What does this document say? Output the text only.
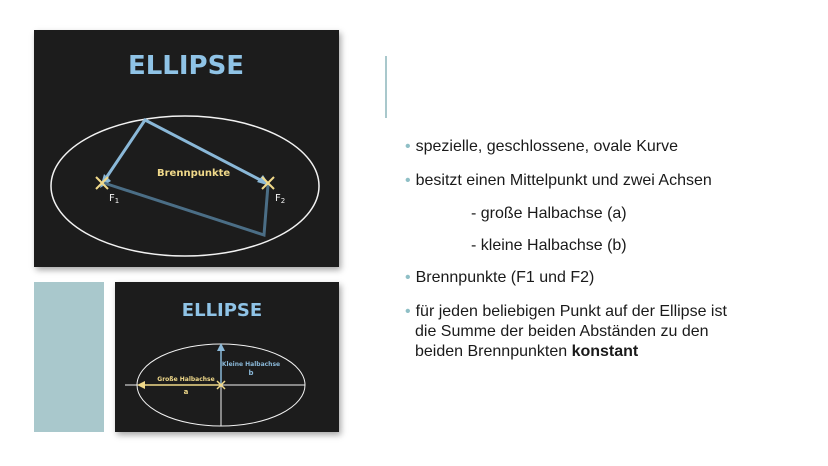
ELLIPSE
Brennpunkte
$F_1$	$F_2$
ELLIPSE
Große Halbachse
a
Kleine Halbachse
b
• spezielle, geschlossene, ovale Kurve
• besitzt einen Mittelpunkt und zwei Achsen
- große Halbachse (a)
- kleine Halbachse (b)
• Brennpunkte (F1 und F2)
• für jeden beliebigen Punkt auf der Ellipse ist
die Summe der beiden Abständen zu den
beiden Brennpunkten konstant
